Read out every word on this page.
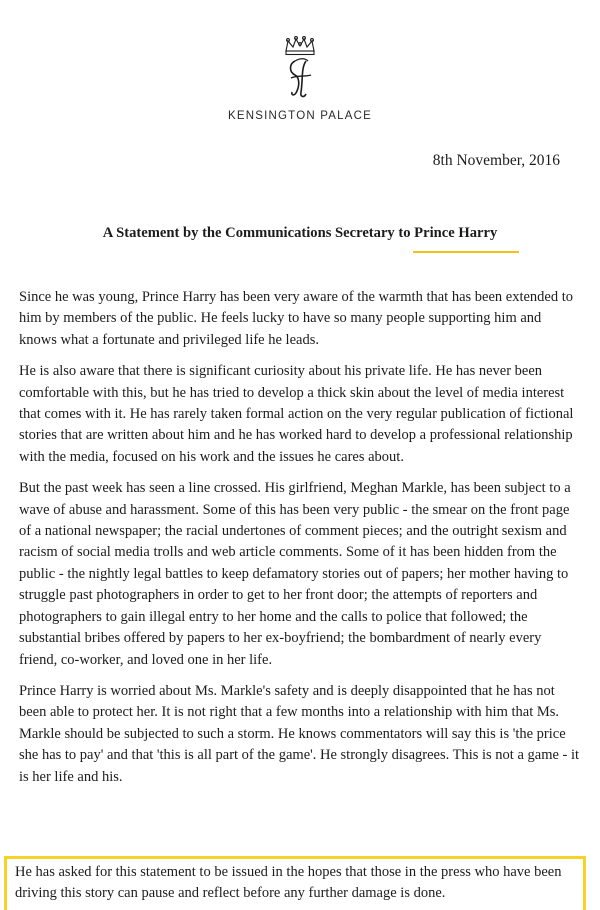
KENSINGTON PALACE
8th November, 2016
A Statement by the Communications Secretary to Prince Harry

Since he was young, Prince Harry has been very aware of the warmth that has been extended to him by members of the public. He feels lucky to have so many people supporting him and knows what a fortunate and privileged life he leads.

He is also aware that there is significant curiosity about his private life. He has never been comfortable with this, but he has tried to develop a thick skin about the level of media interest that comes with it. He has rarely taken formal action on the very regular publication of fictional stories that are written about him and he has worked hard to develop a professional relationship with the media, focused on his work and the issues he cares about.

But the past week has seen a line crossed. His girlfriend, Meghan Markle, has been subject to a wave of abuse and harassment. Some of this has been very public - the smear on the front page of a national newspaper; the racial undertones of comment pieces; and the outright sexism and racism of social media trolls and web article comments. Some of it has been hidden from the public - the nightly legal battles to keep defamatory stories out of papers; her mother having to struggle past photographers in order to get to her front door; the attempts of reporters and photographers to gain illegal entry to her home and the calls to police that followed; the substantial bribes offered by papers to her ex-boyfriend; the bombardment of nearly every friend, co-worker, and loved one in her life.

Prince Harry is worried about Ms. Markle's safety and is deeply disappointed that he has not been able to protect her. It is not right that a few months into a relationship with him that Ms. Markle should be subjected to such a storm. He knows commentators will say this is 'the price she has to pay' and that 'this is all part of the game'. He strongly disagrees. This is not a game - it is her life and his.

He has asked for this statement to be issued in the hopes that those in the press who have been driving this story can pause and reflect before any further damage is done.
